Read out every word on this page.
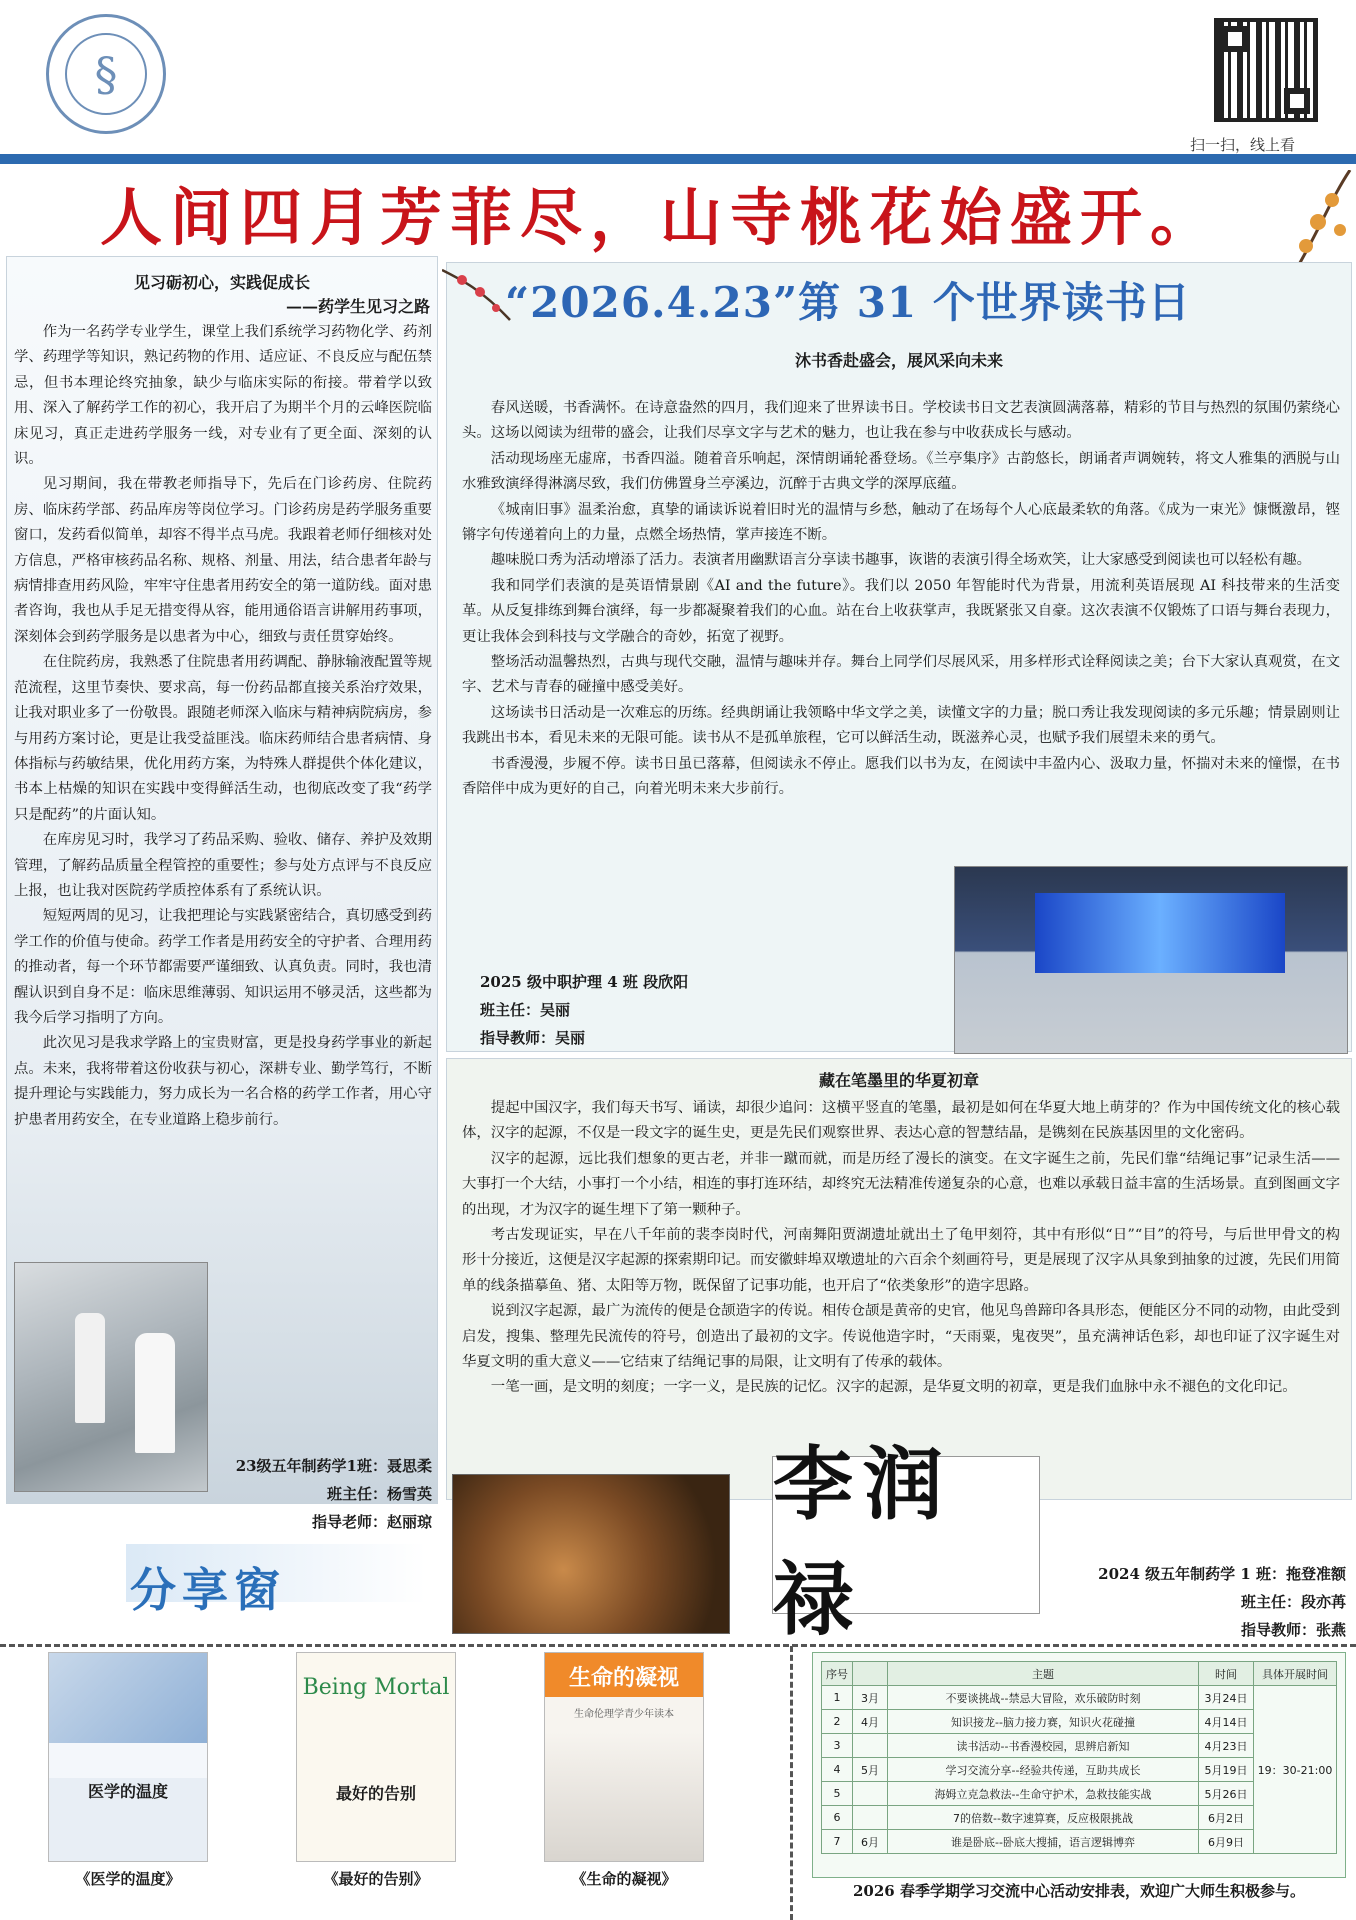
§
扫一扫，线上看
人间四月芳菲尽，山寺桃花始盛开。
见习砺初心，实践促成长
——药学生见习之路

作为一名药学专业学生，课堂上我们系统学习药物化学、药剂学、药理学等知识，熟记药物的作用、适应证、不良反应与配伍禁忌，但书本理论终究抽象，缺少与临床实际的衔接。带着学以致用、深入了解药学工作的初心，我开启了为期半个月的云峰医院临床见习，真正走进药学服务一线，对专业有了更全面、深刻的认识。

见习期间，我在带教老师指导下，先后在门诊药房、住院药房、临床药学部、药品库房等岗位学习。门诊药房是药学服务重要窗口，发药看似简单，却容不得半点马虎。我跟着老师仔细核对处方信息，严格审核药品名称、规格、剂量、用法，结合患者年龄与病情排查用药风险，牢牢守住患者用药安全的第一道防线。面对患者咨询，我也从手足无措变得从容，能用通俗语言讲解用药事项，深刻体会到药学服务是以患者为中心，细致与责任贯穿始终。

在住院药房，我熟悉了住院患者用药调配、静脉输液配置等规范流程，这里节奏快、要求高，每一份药品都直接关系治疗效果，让我对职业多了一份敬畏。跟随老师深入临床与精神病院病房，参与用药方案讨论，更是让我受益匪浅。临床药师结合患者病情、身体指标与药敏结果，优化用药方案，为特殊人群提供个体化建议，书本上枯燥的知识在实践中变得鲜活生动，也彻底改变了我“药学只是配药”的片面认知。

在库房见习时，我学习了药品采购、验收、储存、养护及效期管理，了解药品质量全程管控的重要性；参与处方点评与不良反应上报，也让我对医院药学质控体系有了系统认识。

短短两周的见习，让我把理论与实践紧密结合，真切感受到药学工作的价值与使命。药学工作者是用药安全的守护者、合理用药的推动者，每一个环节都需要严谨细致、认真负责。同时，我也清醒认识到自身不足：临床思维薄弱、知识运用不够灵活，这些都为我今后学习指明了方向。

此次见习是我求学路上的宝贵财富，更是投身药学事业的新起点。未来，我将带着这份收获与初心，深耕专业、勤学笃行，不断提升理论与实践能力，努力成长为一名合格的药学工作者，用心守护患者用药安全，在专业道路上稳步前行。

23级五年制药学1班：聂思柔
班主任：杨雪英
指导老师：赵丽琼
分享窗
“2026.4.23”第 31 个世界读书日
沐书香赴盛会，展风采向未来

春风送暖，书香满怀。在诗意盎然的四月，我们迎来了世界读书日。学校读书日文艺表演圆满落幕，精彩的节目与热烈的氛围仍萦绕心头。这场以阅读为纽带的盛会，让我们尽享文字与艺术的魅力，也让我在参与中收获成长与感动。

活动现场座无虚席，书香四溢。随着音乐响起，深情朗诵轮番登场。《兰亭集序》古韵悠长，朗诵者声调婉转，将文人雅集的洒脱与山水雅致演绎得淋漓尽致，我们仿佛置身兰亭溪边，沉醉于古典文学的深厚底蕴。

《城南旧事》温柔治愈，真挚的诵读诉说着旧时光的温情与乡愁，触动了在场每个人心底最柔软的角落。《成为一束光》慷慨激昂，铿锵字句传递着向上的力量，点燃全场热情，掌声接连不断。

趣味脱口秀为活动增添了活力。表演者用幽默语言分享读书趣事，诙谐的表演引得全场欢笑，让大家感受到阅读也可以轻松有趣。

我和同学们表演的是英语情景剧《AI and the future》。我们以 2050 年智能时代为背景，用流利英语展现 AI 科技带来的生活变革。从反复排练到舞台演绎，每一步都凝聚着我们的心血。站在台上收获掌声，我既紧张又自豪。这次表演不仅锻炼了口语与舞台表现力，更让我体会到科技与文学融合的奇妙，拓宽了视野。

整场活动温馨热烈，古典与现代交融，温情与趣味并存。舞台上同学们尽展风采，用多样形式诠释阅读之美；台下大家认真观赏，在文字、艺术与青春的碰撞中感受美好。

这场读书日活动是一次难忘的历练。经典朗诵让我领略中华文学之美，读懂文字的力量；脱口秀让我发现阅读的多元乐趣；情景剧则让我跳出书本，看见未来的无限可能。读书从不是孤单旅程，它可以鲜活生动，既滋养心灵，也赋予我们展望未来的勇气。

书香漫漫，步履不停。读书日虽已落幕，但阅读永不停止。愿我们以书为友，在阅读中丰盈内心、汲取力量，怀揣对未来的憧憬，在书香陪伴中成为更好的自己，向着光明未来大步前行。

2025 级中职护理 4 班 段欣阳
班主任：吴丽
指导教师：吴丽
藏在笔墨里的华夏初章

提起中国汉字，我们每天书写、诵读，却很少追问：这横平竖直的笔墨，最初是如何在华夏大地上萌芽的？作为中国传统文化的核心载体，汉字的起源，不仅是一段文字的诞生史，更是先民们观察世界、表达心意的智慧结晶，是镌刻在民族基因里的文化密码。

汉字的起源，远比我们想象的更古老，并非一蹴而就，而是历经了漫长的演变。在文字诞生之前，先民们靠“结绳记事”记录生活——大事打一个大结，小事打一个小结，相连的事打连环结，却终究无法精准传递复杂的心意，也难以承载日益丰富的生活场景。直到图画文字的出现，才为汉字的诞生埋下了第一颗种子。

考古发现证实，早在八千年前的裴李岗时代，河南舞阳贾湖遗址就出土了龟甲刻符，其中有形似“日”“目”的符号，与后世甲骨文的构形十分接近，这便是汉字起源的探索期印记。而安徽蚌埠双墩遗址的六百余个刻画符号，更是展现了汉字从具象到抽象的过渡，先民们用简单的线条描摹鱼、猪、太阳等万物，既保留了记事功能，也开启了“依类象形”的造字思路。

说到汉字起源，最广为流传的便是仓颉造字的传说。相传仓颉是黄帝的史官，他见鸟兽蹄印各具形态，便能区分不同的动物，由此受到启发，搜集、整理先民流传的符号，创造出了最初的文字。传说他造字时，“天雨粟，鬼夜哭”，虽充满神话色彩，却也印证了汉字诞生对华夏文明的重大意义——它结束了结绳记事的局限，让文明有了传承的载体。

一笔一画，是文明的刻度；一字一义，是民族的记忆。汉字的起源，是华夏文明的初章，更是我们血脉中永不褪色的文化印记。

李润禄	2024 级五年制药学 1 班：拖登准额
班主任：段亦苒
指导教师：张燕
医学的温度
Being Mortal
最好的告别
生命的凝视
生命伦理学青少年读本
《医学的温度》	《最好的告别》	《生命的凝视》
序号		主题	时间	具体开展时间
1	3月	不要谈挑战--禁忌大冒险，欢乐破防时刻	3月24日	19：30-21:00
2	4月	知识接龙--脑力接力赛，知识火花碰撞	4月14日	
3		读书活动--书香漫校园，思辨启新知	4月23日	
4	5月	学习交流分享--经验共传递，互助共成长	5月19日	
5		海姆立克急救法--生命守护术，急救技能实战	5月26日	
6		7的倍数--数字速算赛，反应极限挑战	6月2日	
7	6月	谁是卧底--卧底大搜捕，语言逻辑博弈	6月9日	
2026 春季学期学习交流中心活动安排表，欢迎广大师生积极参与。
